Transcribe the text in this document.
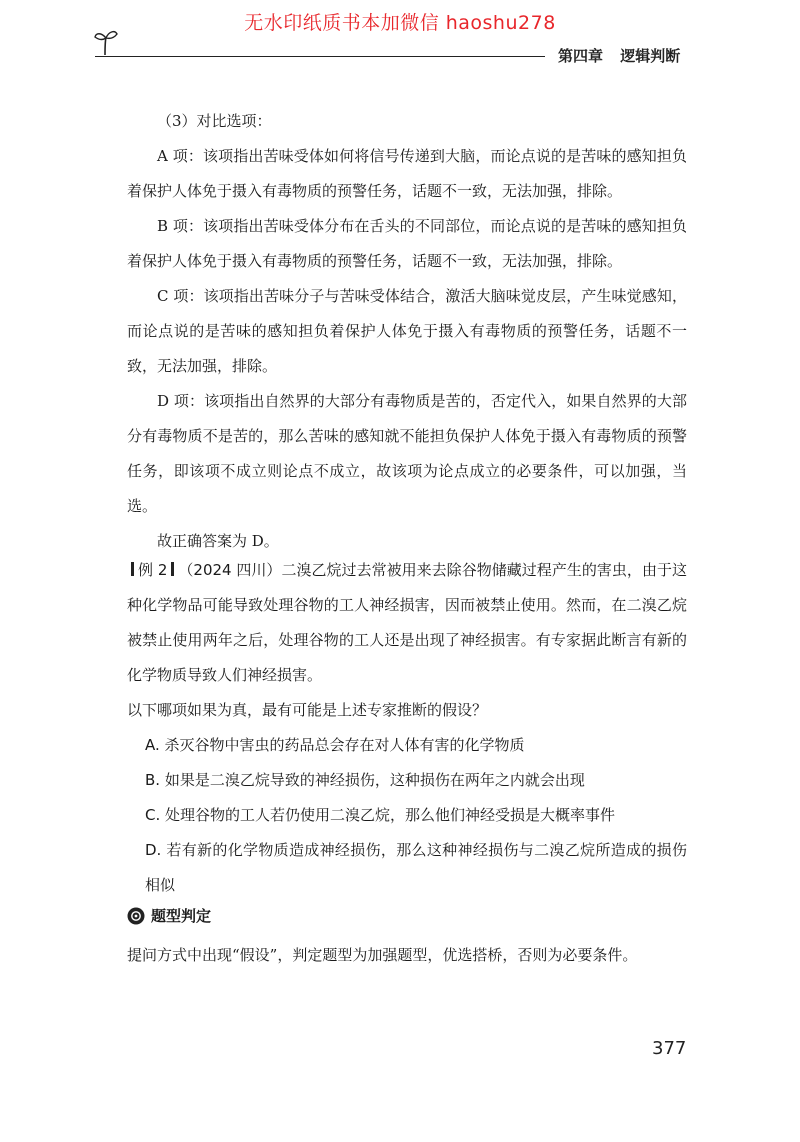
无水印纸质书本加微信 haoshu278
第四章 逻辑判断

（3）对比选项：

A 项：该项指出苦味受体如何将信号传递到大脑，而论点说的是苦味的感知担负着保护人体免于摄入有毒物质的预警任务，话题不一致，无法加强，排除。

B 项：该项指出苦味受体分布在舌头的不同部位，而论点说的是苦味的感知担负着保护人体免于摄入有毒物质的预警任务，话题不一致，无法加强，排除。

C 项：该项指出苦味分子与苦味受体结合，激活大脑味觉皮层，产生味觉感知，而论点说的是苦味的感知担负着保护人体免于摄入有毒物质的预警任务，话题不一致，无法加强，排除。

D 项：该项指出自然界的大部分有毒物质是苦的，否定代入，如果自然界的大部分有毒物质不是苦的，那么苦味的感知就不能担负保护人体免于摄入有毒物质的预警任务，即该项不成立则论点不成立，故该项为论点成立的必要条件，可以加强，当选。

故正确答案为 D。

例 2 （2024 四川）二溴乙烷过去常被用来去除谷物储藏过程产生的害虫，由于这种化学物品可能导致处理谷物的工人神经损害，因而被禁止使用。然而，在二溴乙烷被禁止使用两年之后，处理谷物的工人还是出现了神经损害。有专家据此断言有新的化学物质导致人们神经损害。

以下哪项如果为真，最有可能是上述专家推断的假设？

A. 杀灭谷物中害虫的药品总会存在对人体有害的化学物质

B. 如果是二溴乙烷导致的神经损伤，这种损伤在两年之内就会出现

C. 处理谷物的工人若仍使用二溴乙烷，那么他们神经受损是大概率事件

D. 若有新的化学物质造成神经损伤，那么这种神经损伤与二溴乙烷所造成的损伤相似

题型判定
提问方式中出现“假设”，判定题型为加强题型，优选搭桥，否则为必要条件。
377
